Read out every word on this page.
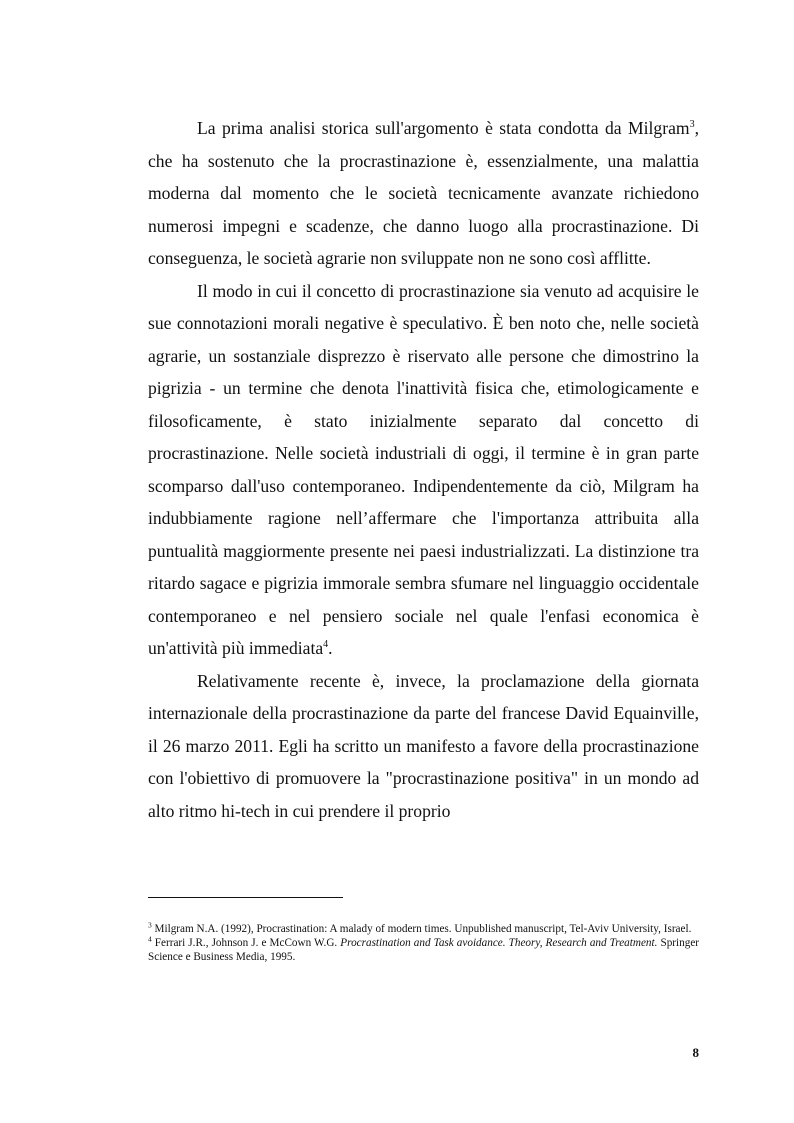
La prima analisi storica sull'argomento è stata condotta da Milgram$^3$, che ha sostenuto che la procrastinazione è, essenzialmente, una malattia moderna dal momento che le società tecnicamente avanzate richiedono numerosi impegni e scadenze, che danno luogo alla procrastinazione. Di conseguenza, le società agrarie non sviluppate non ne sono così afflitte.

Il modo in cui il concetto di procrastinazione sia venuto ad acquisire le sue connotazioni morali negative è speculativo. È ben noto che, nelle società agrarie, un sostanziale disprezzo è riservato alle persone che dimostrino la pigrizia - un termine che denota l'inattività fisica che, etimologicamente e filosoficamente, è stato inizialmente separato dal concetto di procrastinazione. Nelle società industriali di oggi, il termine è in gran parte scomparso dall'uso contemporaneo. Indipendentemente da ciò, Milgram ha indubbiamente ragione nell’affermare che l'importanza attribuita alla puntualità maggiormente presente nei paesi industrializzati. La distinzione tra ritardo sagace e pigrizia immorale sembra sfumare nel linguaggio occidentale contemporaneo e nel pensiero sociale nel quale l'enfasi economica è un'attività più immediata$^4$.

Relativamente recente è, invece, la proclamazione della giornata internazionale della procrastinazione da parte del francese David Equainville, il 26 marzo 2011. Egli ha scritto un manifesto a favore della procrastinazione con l'obiettivo di promuovere la "procrastinazione positiva" in un mondo ad alto ritmo hi-tech in cui prendere il proprio

$^3$ Milgram N.A. (1992), Procrastination: A malady of modern times. Unpublished manuscript, Tel-Aviv University, Israel.

$^4$ Ferrari J.R., Johnson J. e McCown W.G. Procrastination and Task avoidance. Theory, Research and Treatment. Springer Science e Business Media, 1995.

8
